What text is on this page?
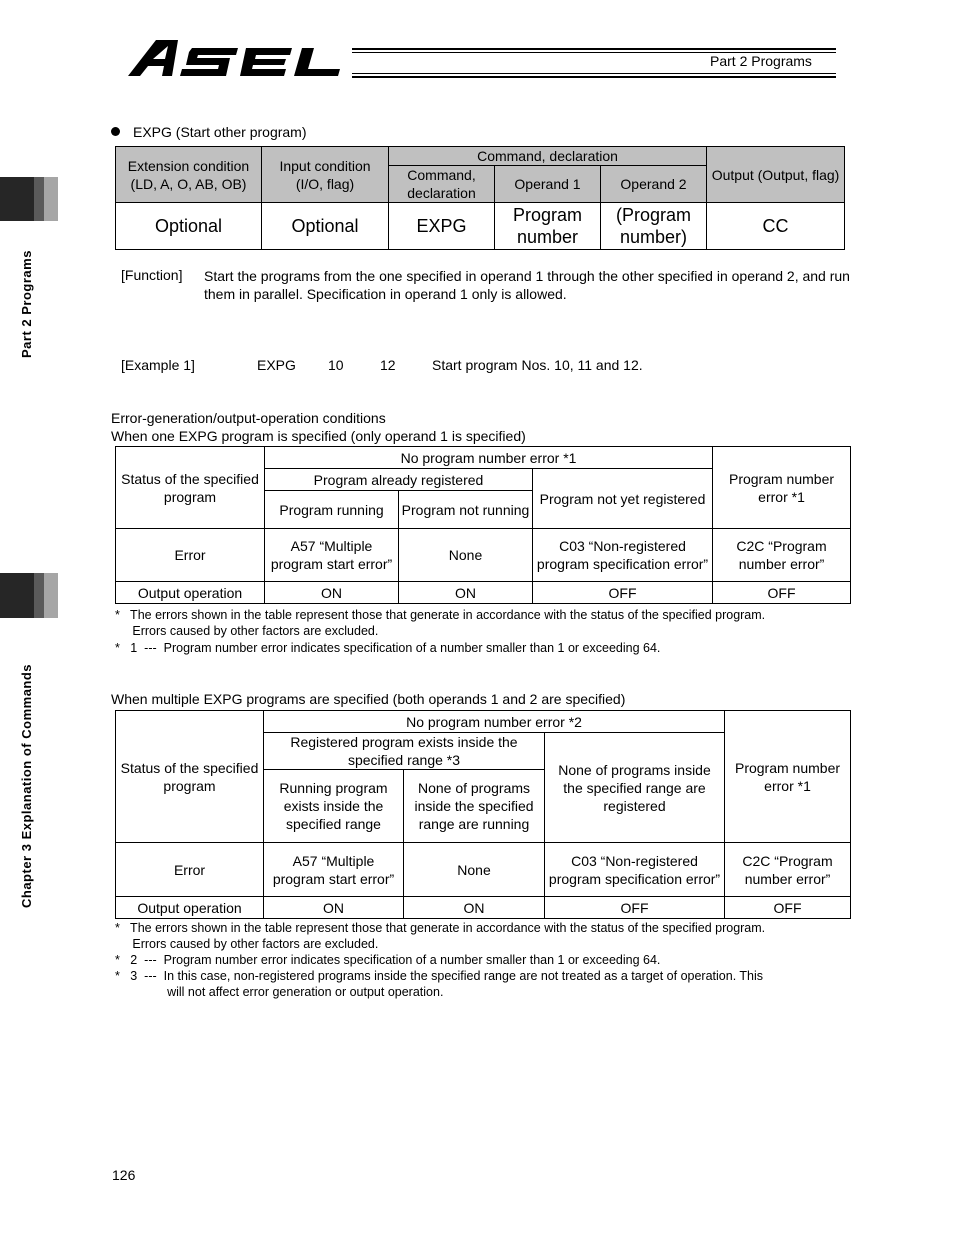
Part 2 Programs
Part 2 Programs
Chapter 3 Explanation of Commands
EXPG (Start other program)
Extension condition (LD, A, O, AB, OB)	Input condition (I/O, flag)	Command, declaration			Output (Output, flag)
		Command, declaration	Operand 1	Operand 2	
Optional	Optional	EXPG	Program number	(Program number)	CC
[Function] Start the programs from the one specified in operand 1 through the other specified in operand 2, and run them in parallel. Specification in operand 1 only is allowed.
[Example 1]	EXPG 10	12	Start program Nos. 10, 11 and 12.
Error-generation/output-operation conditions
When one EXPG program is specified (only operand 1 is specified)
Status of the specified program	No program number error *1			Program number error *1
	Program already registered		Program not yet registered	
	Program running	Program not running		
Error	A57 “Multiple program start error”	None	C03 “Non-registered program specification error”	C2C “Program number error”
Output operation	ON	ON	OFF	OFF
*   The errors shown in the table represent those that generate in accordance with the status of the specified program.
Errors caused by other factors are excluded.
*   1  ---  Program number error indicates specification of a number smaller than 1 or exceeding 64.
When multiple EXPG programs are specified (both operands 1 and 2 are specified)
Status of the specified program	No program number error *2			Program number error *1
	Registered program exists inside the specified range *3		None of programs inside the specified range are registered	
	Running program exists inside the specified range	None of programs inside the specified range are running		
Error	A57 “Multiple program start error”	None	C03 “Non-registered program specification error”	C2C “Program number error”
Output operation	ON	ON	OFF	OFF
*   The errors shown in the table represent those that generate in accordance with the status of the specified program.
Errors caused by other factors are excluded.
*   2  ---  Program number error indicates specification of a number smaller than 1 or exceeding 64.
*   3  ---  In this case, non-registered programs inside the specified range are not treated as a target of operation. This
will not affect error generation or output operation.
126
